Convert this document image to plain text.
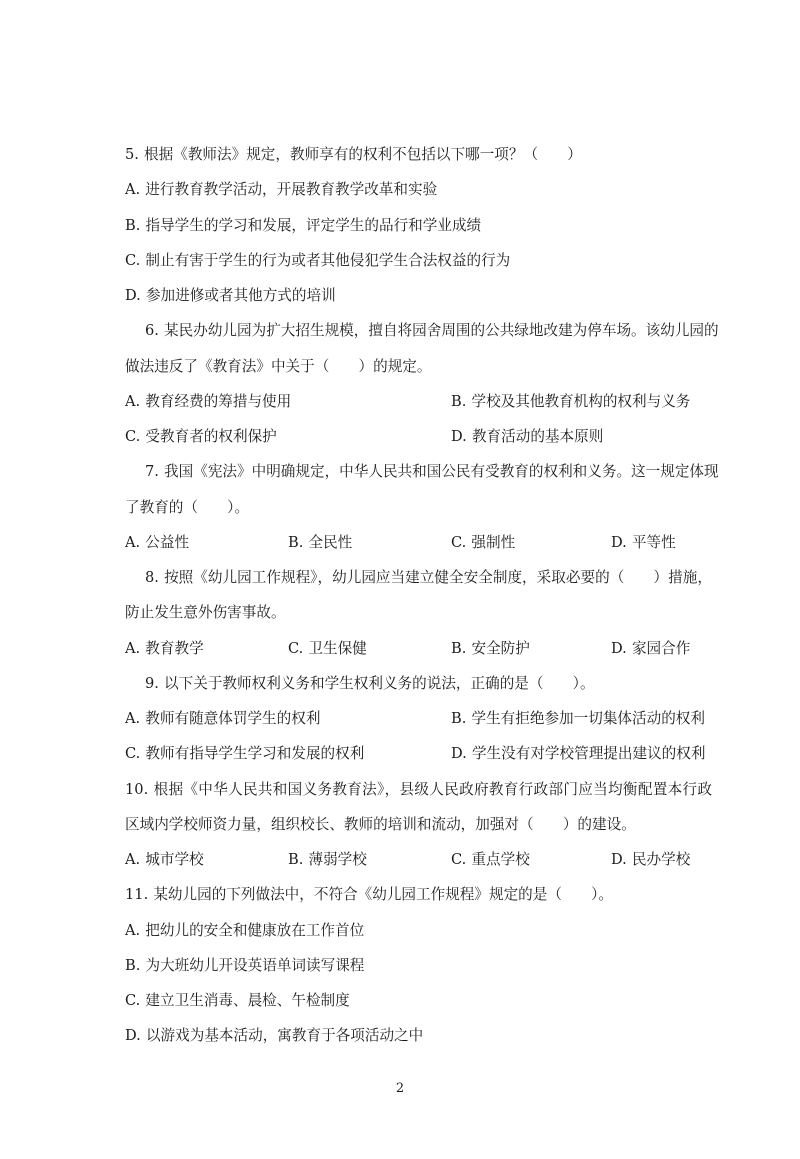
5. 根据《教师法》规定，教师享有的权利不包括以下哪一项？（　　）
A. 进行教育教学活动，开展教育教学改革和实验
B. 指导学生的学习和发展，评定学生的品行和学业成绩
C. 制止有害于学生的行为或者其他侵犯学生合法权益的行为
D. 参加进修或者其他方式的培训
6. 某民办幼儿园为扩大招生规模，擅自将园舍周围的公共绿地改建为停车场。该幼儿园的
做法违反了《教育法》中关于（　　）的规定。
A. 教育经费的筹措与使用	B. 学校及其他教育机构的权利与义务
C. 受教育者的权利保护	D. 教育活动的基本原则
7. 我国《宪法》中明确规定，中华人民共和国公民有受教育的权利和义务。这一规定体现
了教育的（　　）。
A. 公益性	B. 全民性	C. 强制性	D. 平等性
8. 按照《幼儿园工作规程》，幼儿园应当建立健全安全制度，采取必要的（　　）措施，
防止发生意外伤害事故。
A. 教育教学	C. 卫生保健	B. 安全防护	D. 家园合作
9. 以下关于教师权利义务和学生权利义务的说法，正确的是（　　）。
A. 教师有随意体罚学生的权利	B. 学生有拒绝参加一切集体活动的权利
C. 教师有指导学生学习和发展的权利	D. 学生没有对学校管理提出建议的权利
10. 根据《中华人民共和国义务教育法》，县级人民政府教育行政部门应当均衡配置本行政
区域内学校师资力量，组织校长、教师的培训和流动，加强对（　　）的建设。
A. 城市学校	B. 薄弱学校	C. 重点学校	D. 民办学校
11. 某幼儿园的下列做法中，不符合《幼儿园工作规程》规定的是（　　）。
A. 把幼儿的安全和健康放在工作首位
B. 为大班幼儿开设英语单词读写课程
C. 建立卫生消毒、晨检、午检制度
D. 以游戏为基本活动，寓教育于各项活动之中
2
